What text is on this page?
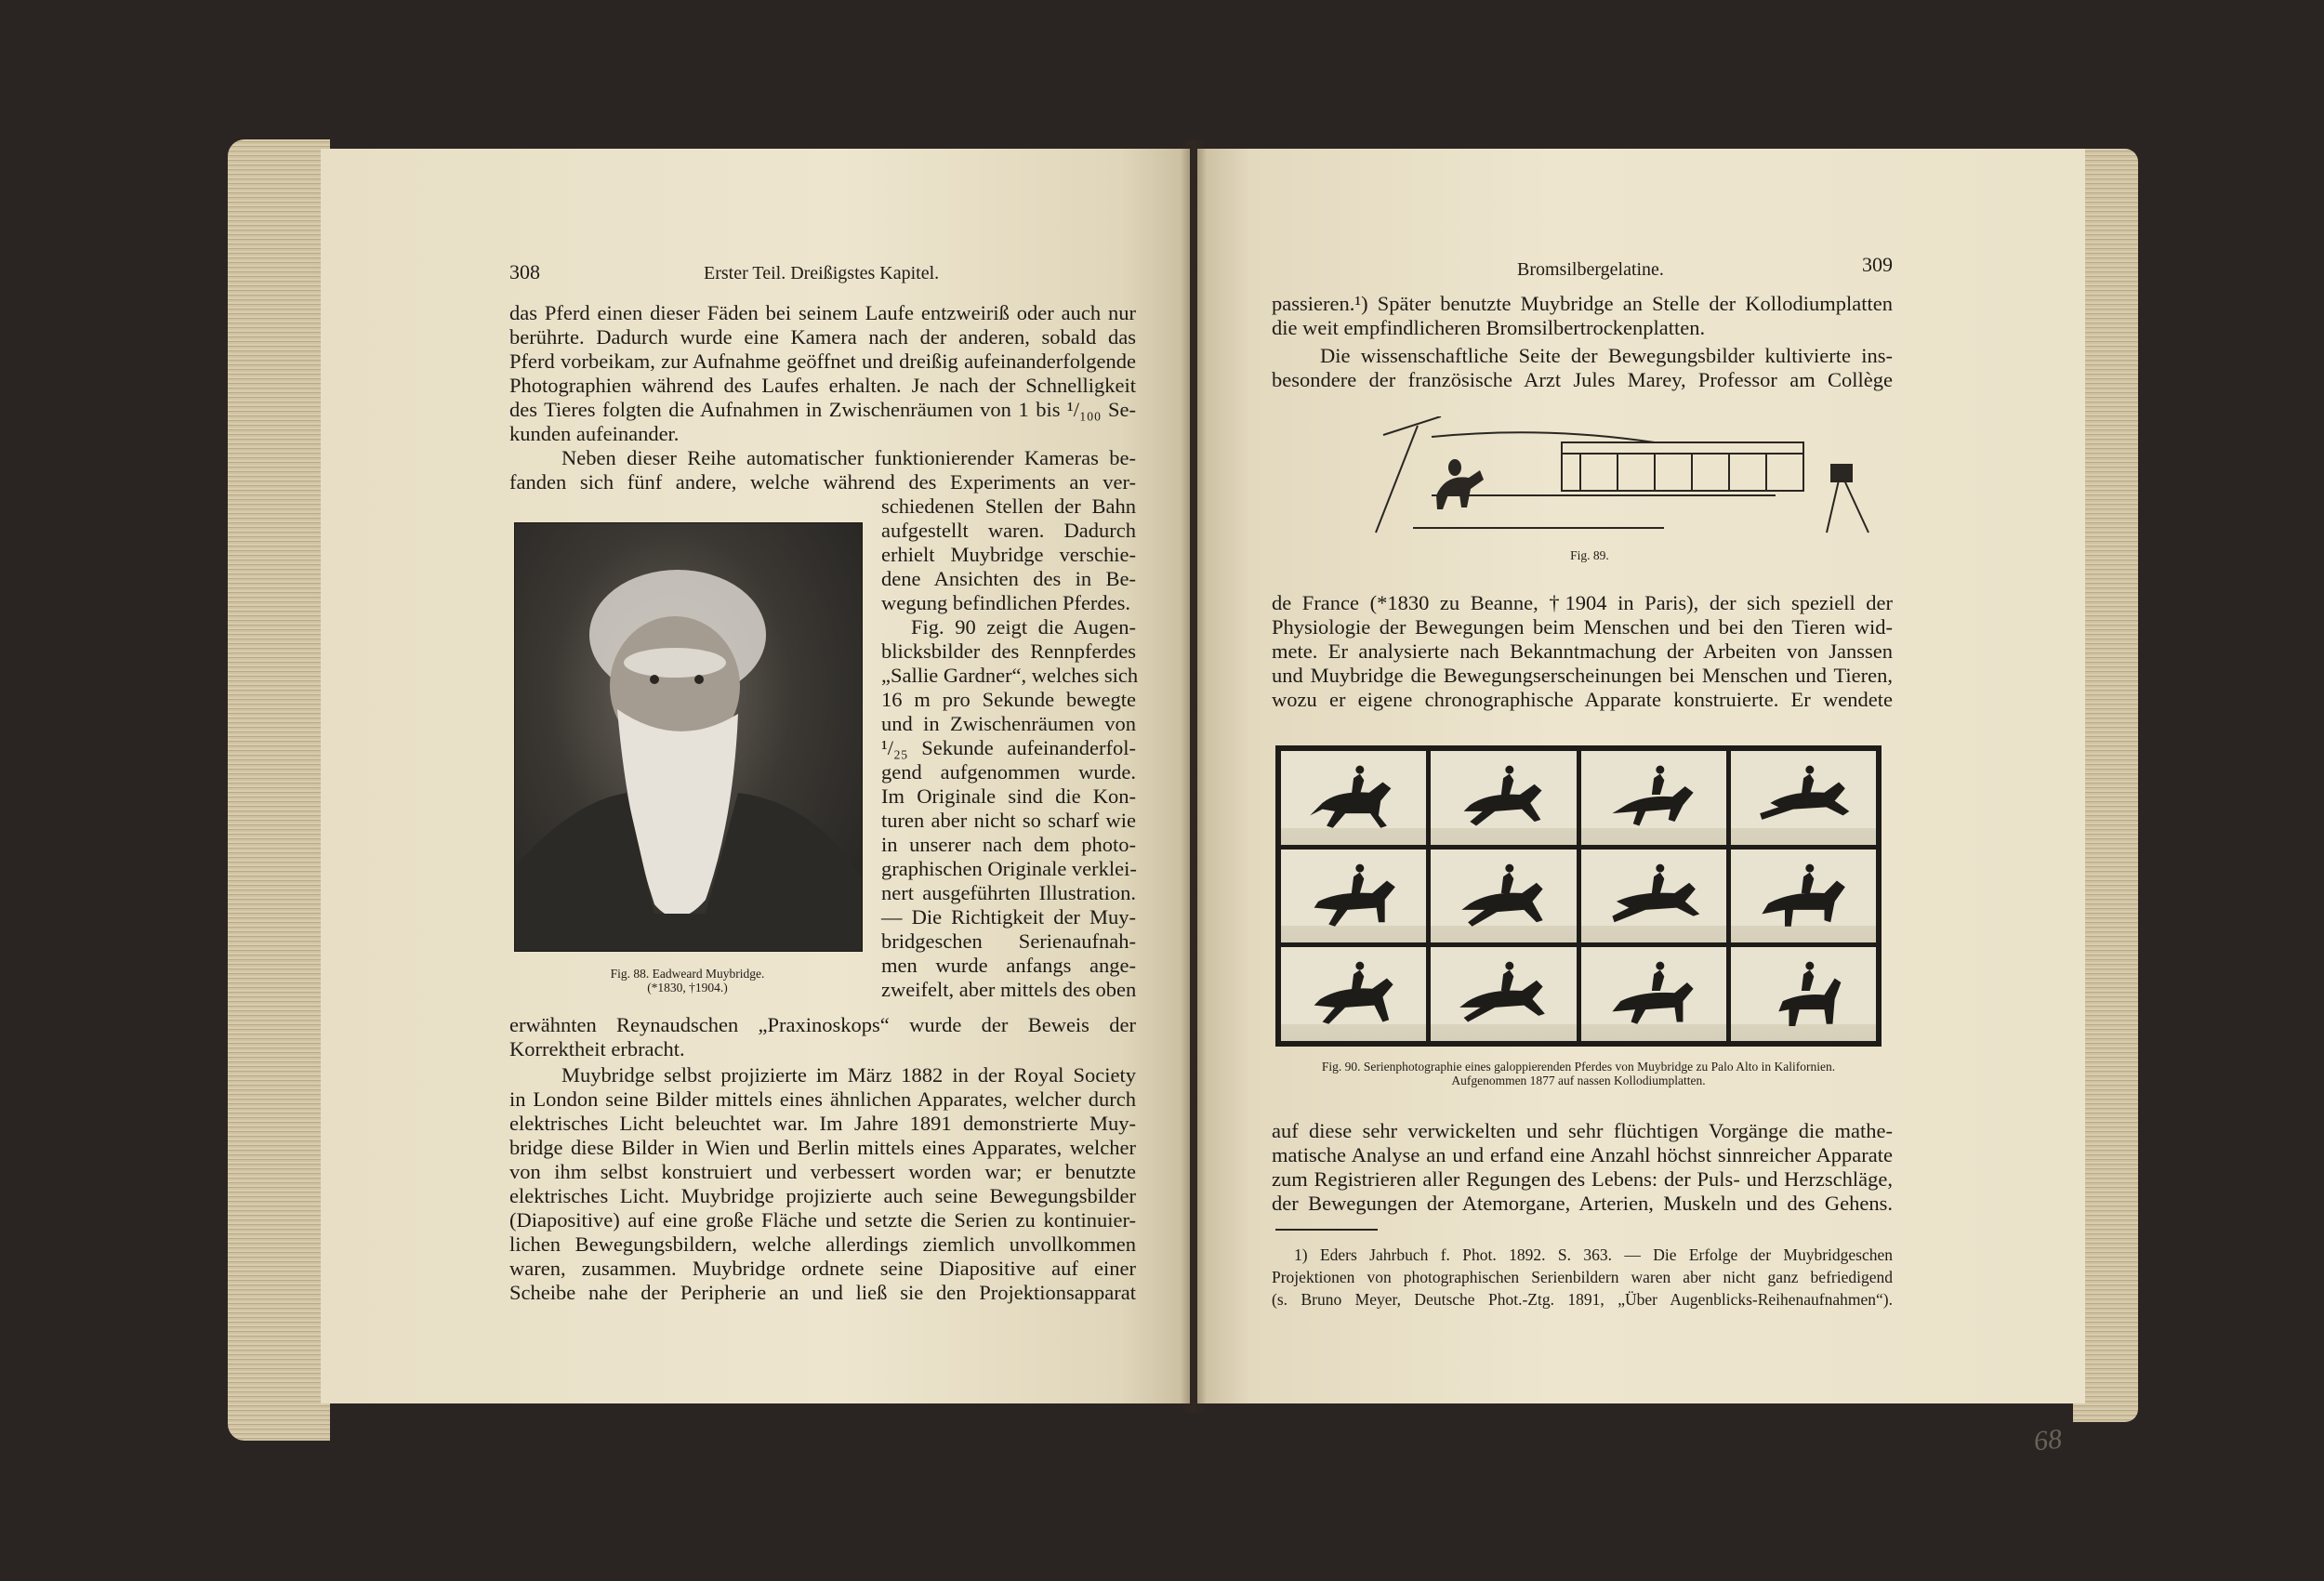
308	Erster Teil. Dreißigstes Kapitel.
das Pferd einen dieser Fäden bei seinem Laufe entzweiriß oder auch nur
berührte. Dadurch wurde eine Kamera nach der anderen, sobald das
Pferd vorbeikam, zur Aufnahme geöffnet und dreißig aufeinanderfolgende
Photographien während des Laufes erhalten. Je nach der Schnelligkeit
des Tieres folgten die Aufnahmen in Zwischenräumen von 1 bis ¹/₁₀₀ Se-
kunden aufeinander.
Neben dieser Reihe automatischer funktionierender Kameras be-
fanden sich fünf andere, welche während des Experiments an ver-
schiedenen Stellen der Bahn
aufgestellt waren. Dadurch
erhielt Muybridge verschie-
dene Ansichten des in Be-
wegung befindlichen Pferdes.
Fig. 90 zeigt die Augen-
blicksbilder des Rennpferdes
„Sallie Gardner“, welches sich
16 m pro Sekunde bewegte
und in Zwischenräumen von
¹/₂₅ Sekunde aufeinanderfol-
gend aufgenommen wurde.
Im Originale sind die Kon-
turen aber nicht so scharf wie
in unserer nach dem photo-
graphischen Originale verklei-
nert ausgeführten Illustration.
— Die Richtigkeit der Muy-
bridgeschen Serienaufnah-
men wurde anfangs ange-
zweifelt, aber mittels des oben
erwähnten Reynaudschen „Praxinoskops“ wurde der Beweis der
Korrektheit erbracht.
Muybridge selbst projizierte im März 1882 in der Royal Society
in London seine Bilder mittels eines ähnlichen Apparates, welcher durch
elektrisches Licht beleuchtet war. Im Jahre 1891 demonstrierte Muy-
bridge diese Bilder in Wien und Berlin mittels eines Apparates, welcher
von ihm selbst konstruiert und verbessert worden war; er benutzte
elektrisches Licht. Muybridge projizierte auch seine Bewegungsbilder
(Diapositive) auf eine große Fläche und setzte die Serien zu kontinuier-
lichen Bewegungsbildern, welche allerdings ziemlich unvollkommen
waren, zusammen. Muybridge ordnete seine Diapositive auf einer
Scheibe nahe der Peripherie an und ließ sie den Projektionsapparat
Fig. 88. Eadweard Muybridge.
(*1830, †1904.)
Bromsilbergelatine.	309
passieren.¹) Später benutzte Muybridge an Stelle der Kollodiumplatten
die weit empfindlicheren Bromsilbertrockenplatten.
Die wissenschaftliche Seite der Bewegungsbilder kultivierte ins-
besondere der französische Arzt Jules Marey, Professor am Collège
Fig. 89.
de France (*1830 zu Beanne, †1904 in Paris), der sich speziell der
Physiologie der Bewegungen beim Menschen und bei den Tieren wid-
mete. Er analysierte nach Bekanntmachung der Arbeiten von Janssen
und Muybridge die Bewegungserscheinungen bei Menschen und Tieren,
wozu er eigene chronographische Apparate konstruierte. Er wendete
Fig. 90. Serienphotographie eines galoppierenden Pferdes von Muybridge zu Palo Alto in Kalifornien.
Aufgenommen 1877 auf nassen Kollodiumplatten.
auf diese sehr verwickelten und sehr flüchtigen Vorgänge die mathe-
matische Analyse an und erfand eine Anzahl höchst sinnreicher Apparate
zum Registrieren aller Regungen des Lebens: der Puls- und Herzschläge,
der Bewegungen der Atemorgane, Arterien, Muskeln und des Gehens.
1) Eders Jahrbuch f. Phot. 1892. S. 363. — Die Erfolge der Muybridgeschen
Projektionen von photographischen Serienbildern waren aber nicht ganz befriedigend
(s. Bruno Meyer, Deutsche Phot.-Ztg. 1891, „Über Augenblicks-Reihenaufnahmen“).
68
